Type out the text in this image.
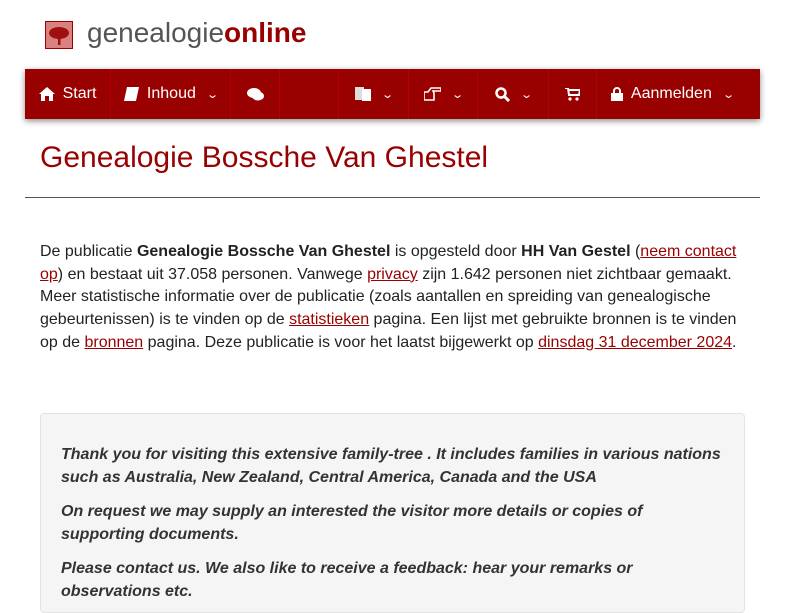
genealogieonline
Start	Inhoud ⌄	⌄	⌄	⌄	Aanmelden ⌄
Genealogie Bossche Van Ghestel
De publicatie Genealogie Bossche Van Ghestel is opgesteld door HH Van Gestel (neem contact op) en bestaat uit 37.058 personen. Vanwege privacy zijn 1.642 personen niet zichtbaar gemaakt. Meer statistische informatie over de publicatie (zoals aantallen en spreiding van genealogische gebeurtenissen) is te vinden op de statistieken pagina. Een lijst met gebruikte bronnen is te vinden op de bronnen pagina. Deze publicatie is voor het laatst bijgewerkt op dinsdag 31 december 2024.

Thank you for visiting this extensive family-tree . It includes families in various nations such as Australia, New Zealand, Central America, Canada and the USA

On request we may supply an interested the visitor more details or copies of supporting documents.

Please contact us. We also like to receive a feedback: hear your remarks or observations etc.
